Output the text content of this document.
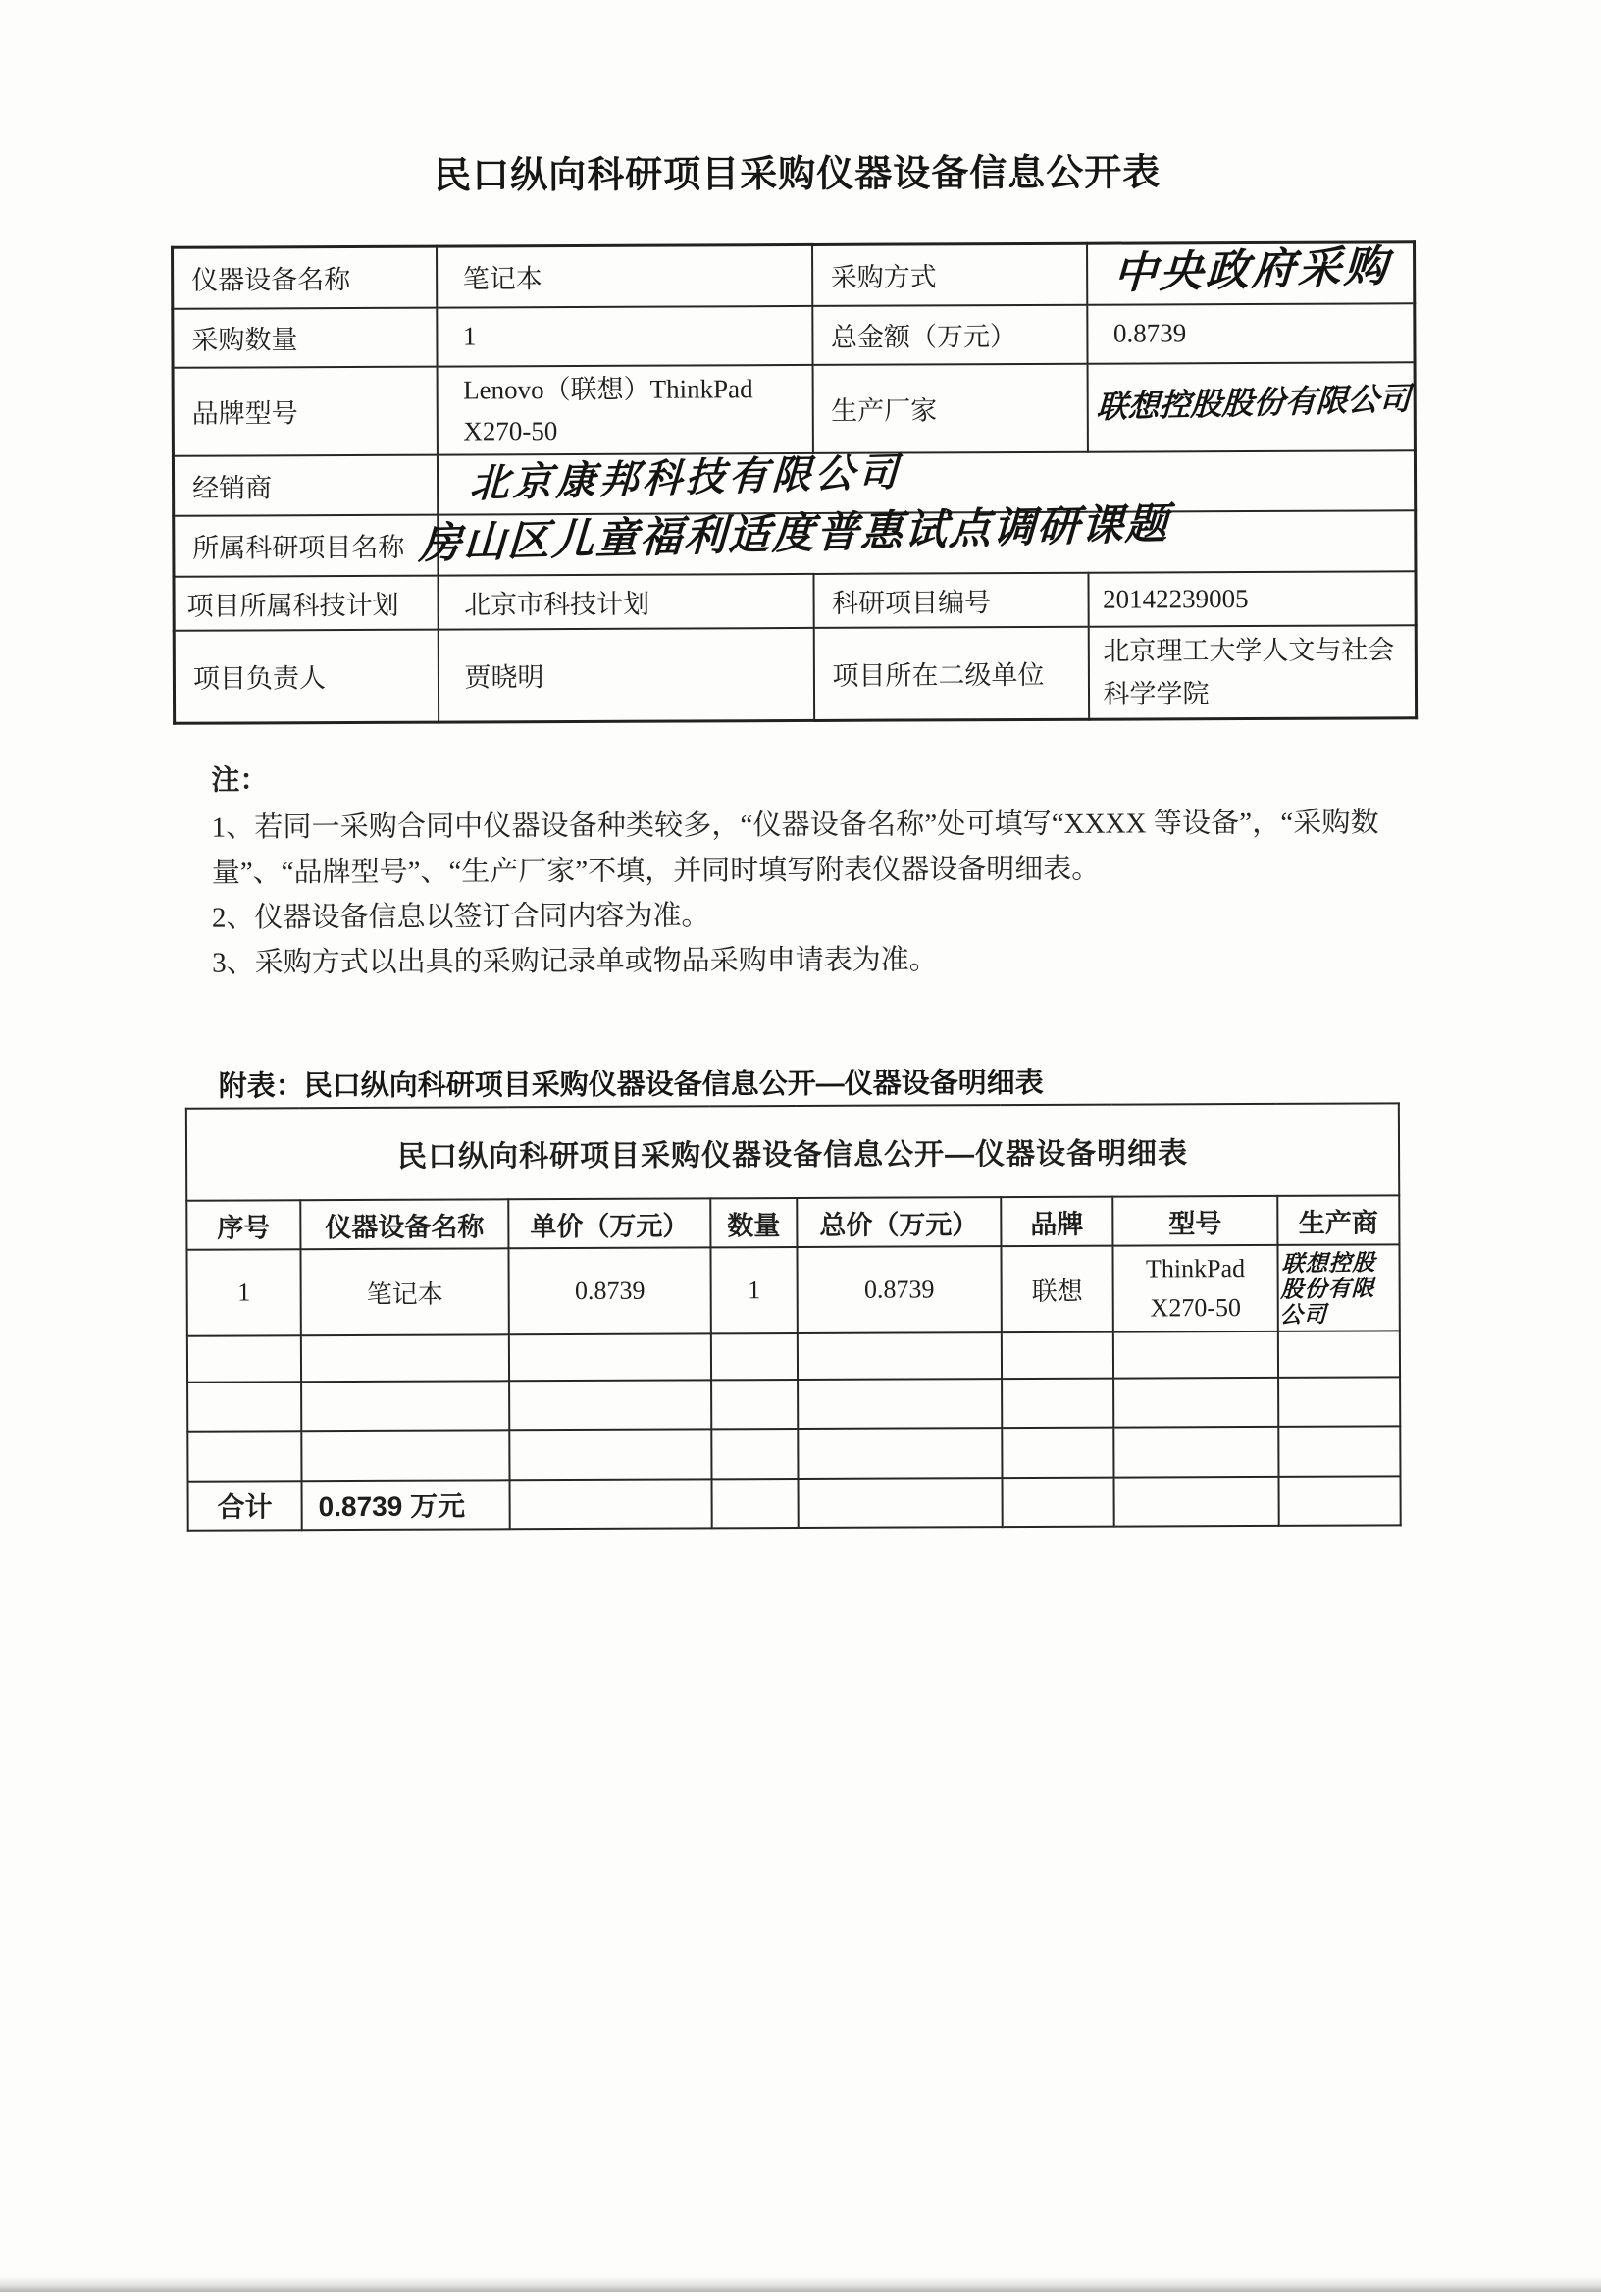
民口纵向科研项目采购仪器设备信息公开表
仪器设备名称	笔记本	采购方式	中央政府采购
采购数量	1	总金额（万元）	0.8739
品牌型号	Lenovo（联想）ThinkPad X270-50	生产厂家	联想控股股份有限公司
经销商	北京康邦科技有限公司		
所属科研项目名称	房山区儿童福利适度普惠试点调研课题		
项目所属科技计划	北京市科技计划	科研项目编号	20142239005
项目负责人	贾晓明	项目所在二级单位	北京理工大学人文与社会科学学院
注：
1、若同一采购合同中仪器设备种类较多，“仪器设备名称”处可填写“XXXX 等设备”，“采购数量”、“品牌型号”、“生产厂家”不填，并同时填写附表仪器设备明细表。
2、仪器设备信息以签订合同内容为准。
3、采购方式以出具的采购记录单或物品采购申请表为准。
附表：民口纵向科研项目采购仪器设备信息公开—仪器设备明细表
民口纵向科研项目采购仪器设备信息公开—仪器设备明细表							
序号	仪器设备名称	单价（万元）	数量	总价（万元）	品牌	型号	生产商
1	笔记本	0.8739	1	0.8739	联想	ThinkPad X270-50	联想控股股份有限公司

合计	0.8739 万元						
